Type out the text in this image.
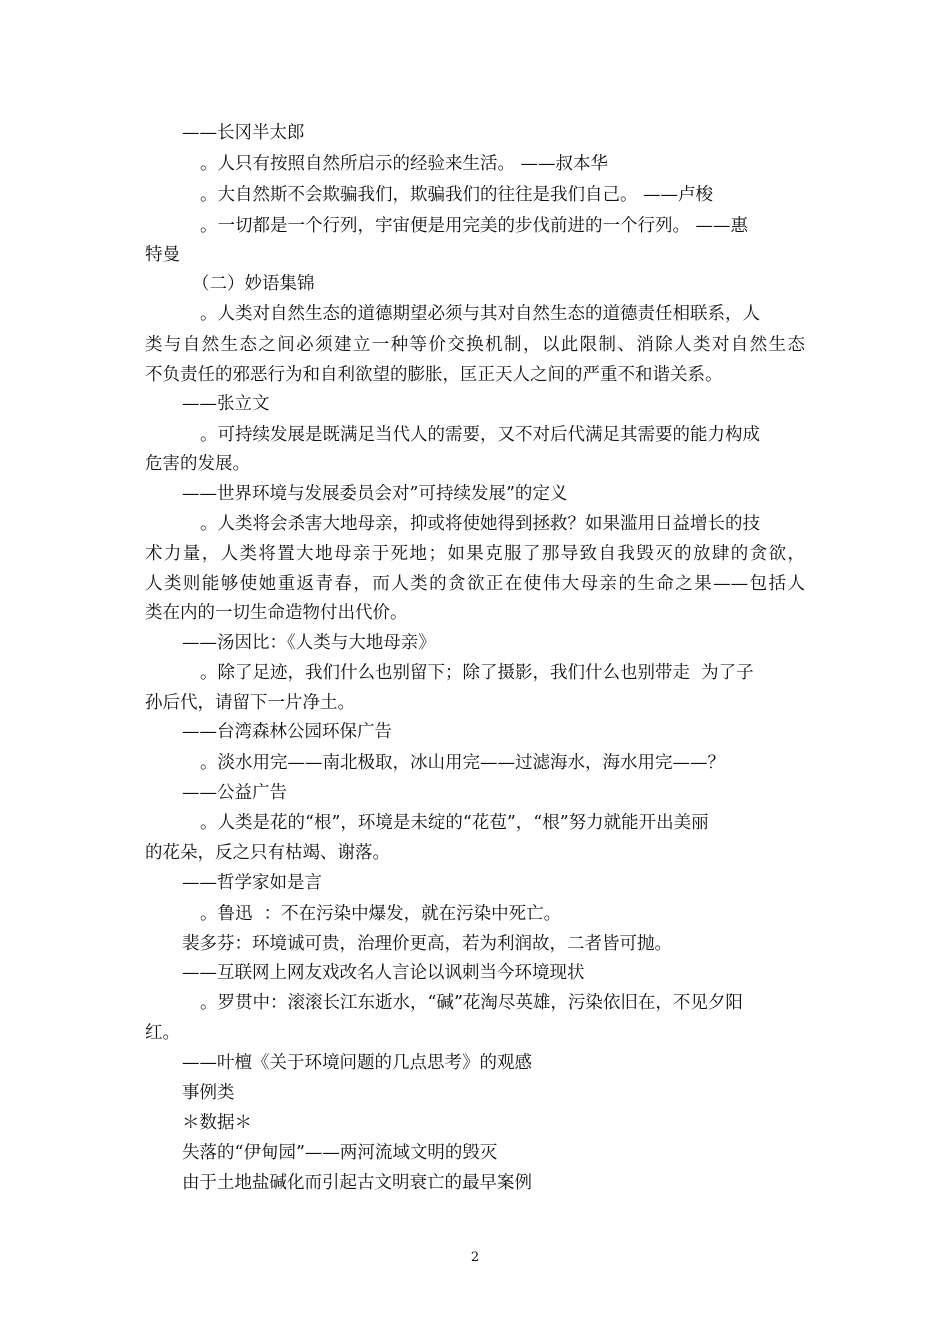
——长冈半太郎

。人只有按照自然所启示的经验来生活。 ——叔本华

。大自然斯不会欺骗我们，欺骗我们的往往是我们自己。 ——卢梭

。一切都是一个行列，宇宙便是用完美的步伐前进的一个行列。 ——惠

特曼

（二）妙语集锦

。人类对自然生态的道德期望必须与其对自然生态的道德责任相联系，人

类与自然生态之间必须建立一种等价交换机制，以此限制、消除人类对自然生态

不负责任的邪恶行为和自利欲望的膨胀，匡正天人之间的严重不和谐关系。

——张立文

。可持续发展是既满足当代人的需要，又不对后代满足其需要的能力构成

危害的发展。

——世界环境与发展委员会对”可持续发展”的定义

。人类将会杀害大地母亲，抑或将使她得到拯救？如果滥用日益增长的技

术力量，人类将置大地母亲于死地；如果克服了那导致自我毁灭的放肆的贪欲，

人类则能够使她重返青春，而人类的贪欲正在使伟大母亲的生命之果——包括人

类在内的一切生命造物付出代价。

——汤因比：《人类与大地母亲》

。除了足迹，我们什么也别留下；除了摄影，我们什么也别带走  为了子

孙后代，请留下一片净土。

——台湾森林公园环保广告

。淡水用完——南北极取，冰山用完——过滤海水，海水用完——？

——公益广告

。人类是花的“根”，环境是未绽的“花苞”，“根”努力就能开出美丽

的花朵，反之只有枯竭、谢落。

——哲学家如是言

。鲁迅  ：不在污染中爆发，就在污染中死亡。

裴多芬：环境诚可贵，治理价更高，若为利润故，二者皆可抛。

——互联网上网友戏改名人言论以讽刺当今环境现状

。罗贯中：滚滚长江东逝水，“碱”花淘尽英雄，污染依旧在，不见夕阳

红。

——叶檀《关于环境问题的几点思考》的观感

事例类

＊数据＊

失落的“伊甸园”——两河流域文明的毁灭

由于土地盐碱化而引起古文明衰亡的最早案例

2
